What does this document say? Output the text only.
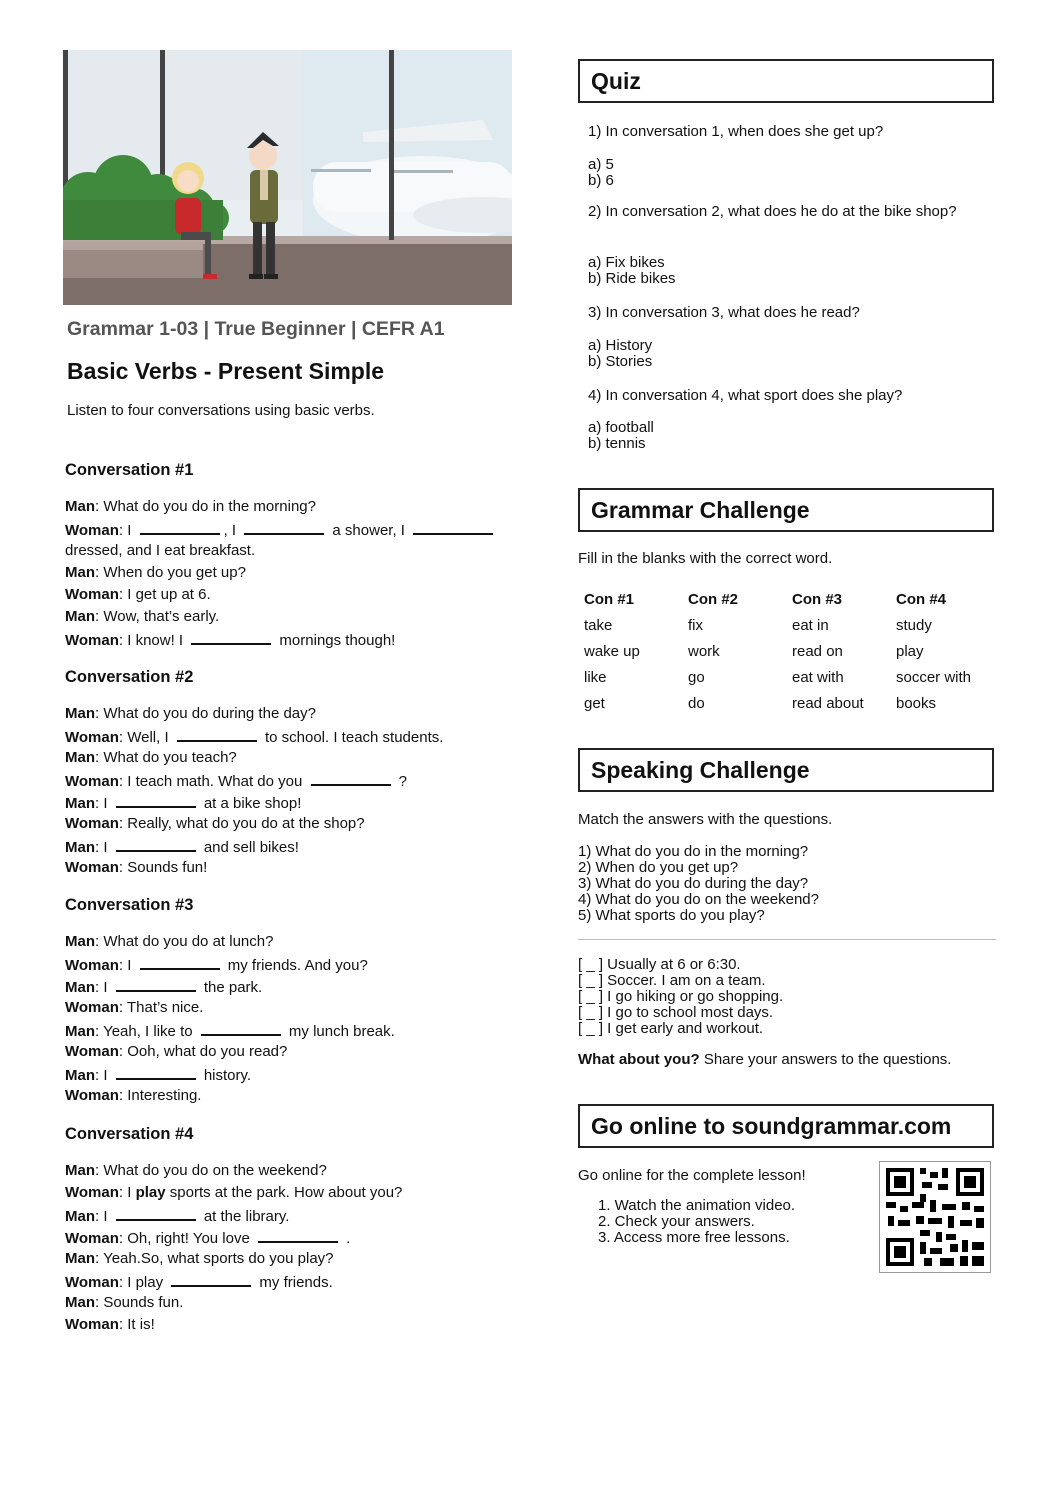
Grammar 1-03 | True Beginner | CEFR A1
Basic Verbs - Present Simple
Listen to four conversations using basic verbs.
Conversation #1
Man: What do you do in the morning?
Woman: I	, I	a shower, I
dressed, and I eat breakfast.
Man: When do you get up?
Woman: I get up at 6.
Man: Wow, that’s early.
Woman: I know! I	mornings though!
Conversation #2
Man: What do you do during the day?
Woman: Well, I	to school. I teach students.
Man: What do you teach?
Woman: I teach math. What do you	?
Man: I	at a bike shop!
Woman: Really, what do you do at the shop?
Man: I	and sell bikes!
Woman: Sounds fun!
Conversation #3
Man: What do you do at lunch?
Woman: I	my friends. And you?
Man: I	the park.
Woman: That’s nice.
Man: Yeah, I like to	my lunch break.
Woman: Ooh, what do you read?
Man: I	history.
Woman: Interesting.
Conversation #4
Man: What do you do on the weekend?
Woman: I play sports at the park. How about you?
Man: I	at the library.
Woman: Oh, right! You love	.
Man: Yeah.So, what sports do you play?
Woman: I play	my friends.
Man: Sounds fun.
Woman: It is!
Quiz
1) In conversation 1, when does she get up?
a) 5
b) 6
2) In conversation 2, what does he do at the bike shop?
a) Fix bikes
b) Ride bikes
3) In conversation 3, what does he read?
a) History
b) Stories
4) In conversation 4, what sport does she play?
a) football
b) tennis
Grammar Challenge
Fill in the blanks with the correct word.
Con #1	Con #2	Con #3	Con #4
take	fix	eat in	study
wake up	work	read on	play
like	go	eat with	soccer with
get	do	read about	books
Speaking Challenge
Match the answers with the questions.
1) What do you do in the morning?
2) When do you get up?
3) What do you do during the day?
4) What do you do on the weekend?
5) What sports do you play?
[ _ ] Usually at 6 or 6:30.
[ _ ] Soccer. I am on a team.
[ _ ] I go hiking or go shopping.
[ _ ] I go to school most days.
[ _ ] I get early and workout.
What about you? Share your answers to the questions.
Go online to soundgrammar.com
Go online for the complete lesson!
1. Watch the animation video.
2. Check your answers.
3. Access more free lessons.
